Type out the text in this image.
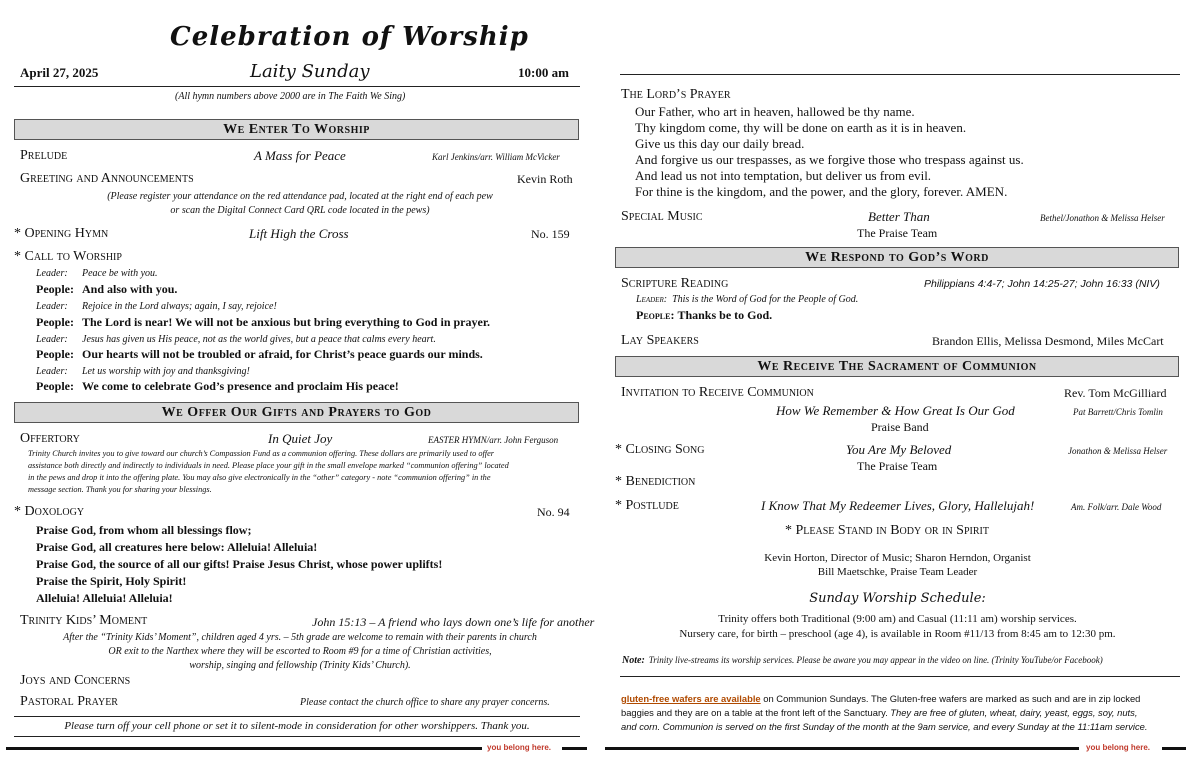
Celebration of Worship
April 27, 2025	Laity Sunday	10:00 am
(All hymn numbers above 2000 are in The Faith We Sing)
We Enter To Worship
Prelude	A Mass for Peace	Karl Jenkins/arr. William McVicker
Greeting and Announcements	Kevin Roth
(Please register your attendance on the red attendance pad, located at the right end of each pew
or scan the Digital Connect Card QRL code located in the pews)
* Opening Hymn	Lift High the Cross	No. 159
* Call to Worship
Leader: Peace be with you.
People: And also with you.
Leader: Rejoice in the Lord always; again, I say, rejoice!
People: The Lord is near! We will not be anxious but bring everything to God in prayer.
Leader: Jesus has given us His peace, not as the world gives, but a peace that calms every heart.
People: Our hearts will not be troubled or afraid, for Christ’s peace guards our minds.
Leader: Let us worship with joy and thanksgiving!
People: We come to celebrate God’s presence and proclaim His peace!
We Offer Our Gifts and Prayers to God
Offertory	In Quiet Joy	EASTER HYMN/arr. John Ferguson
Trinity Church invites you to give toward our church’s Compassion Fund as a communion offering. These dollars are primarily used to offer
assistance both directly and indirectly to individuals in need. Please place your gift in the small envelope marked “communion offering” located
in the pews and drop it into the offering plate. You may also give electronically in the “other” category - note “communion offering” in the
message section. Thank you for sharing your blessings.
* Doxology	No. 94
Praise God, from whom all blessings flow;
Praise God, all creatures here below: Alleluia! Alleluia!
Praise God, the source of all our gifts! Praise Jesus Christ, whose power uplifts!
Praise the Spirit, Holy Spirit!
Alleluia! Alleluia! Alleluia!
Trinity Kids’ Moment	John 15:13 – A friend who lays down one’s life for another
After the “Trinity Kids’ Moment”, children aged 4 yrs. – 5th grade are welcome to remain with their parents in church
OR exit to the Narthex where they will be escorted to Room #9 for a time of Christian activities,
worship, singing and fellowship (Trinity Kids’ Church).
Joys and Concerns
Pastoral Prayer	Please contact the church office to share any prayer concerns.
Please turn off your cell phone or set it to silent-mode in consideration for other worshippers. Thank you.
you belong here.
The Lord’s Prayer
Our Father, who art in heaven, hallowed be thy name.
Thy kingdom come, thy will be done on earth as it is in heaven.
Give us this day our daily bread.
And forgive us our trespasses, as we forgive those who trespass against us.
And lead us not into temptation, but deliver us from evil.
For thine is the kingdom, and the power, and the glory, forever. AMEN.
Special Music	Better Than	Bethel/Jonathon & Melissa Helser
The Praise Team
We Respond to God’s Word
Scripture Reading	Philippians 4:4-7; John 14:25-27; John 16:33 (NIV)
Leader: This is the Word of God for the People of God.
People: Thanks be to God.
Lay Speakers	Brandon Ellis, Melissa Desmond, Miles McCart
We Receive The Sacrament of Communion
Invitation to Receive Communion	Rev. Tom McGilliard
How We Remember & How Great Is Our God	Pat Barrett/Chris Tomlin
Praise Band
* Closing Song	You Are My Beloved	Jonathon & Melissa Helser
The Praise Team
* Benediction
* Postlude	I Know That My Redeemer Lives, Glory, Hallelujah!	Am. Folk/arr. Dale Wood
* Please Stand in Body or in Spirit
Kevin Horton, Director of Music; Sharon Herndon, Organist
Bill Maetschke, Praise Team Leader
Sunday Worship Schedule:
Trinity offers both Traditional (9:00 am) and Casual (11:11 am) worship services.
Nursery care, for birth – preschool (age 4), is available in Room #11/13 from 8:45 am to 12:30 pm.
Note: Trinity live-streams its worship services. Please be aware you may appear in the video on line. (Trinity YouTube/or Facebook)
gluten-free wafers are available on Communion Sundays. The Gluten-free wafers are marked as such and are in zip locked
baggies and they are on a table at the front left of the Sanctuary. They are free of gluten, wheat, dairy, yeast, eggs, soy, nuts,
and corn. Communion is served on the first Sunday of the month at the 9am service, and every Sunday at the 11:11am service.
you belong here.
